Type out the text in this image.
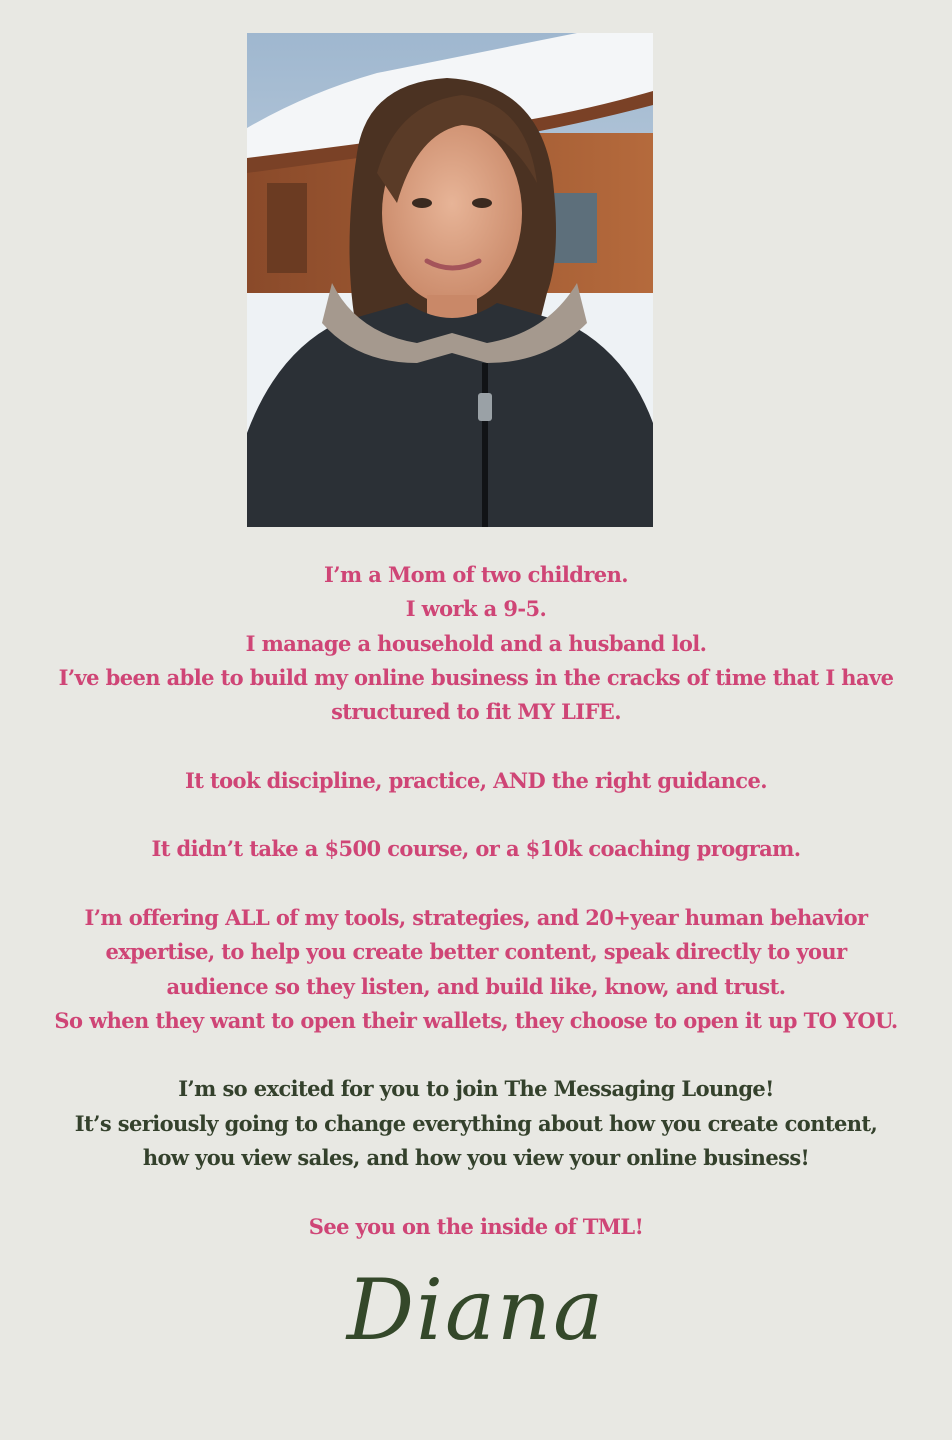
I’m a Mom of two children.
I work a 9-5.
I manage a household and a husband lol.
I’ve been able to build my online business in the cracks of time that I have
structured to fit MY LIFE.
It took discipline, practice, AND the right guidance.
It didn’t take a $500 course, or a $10k coaching program.
I’m offering ALL of my tools, strategies, and 20+year human behavior
expertise, to help you create better content, speak directly to your
audience so they listen, and build like, know, and trust.
So when they want to open their wallets, they choose to open it up TO YOU.
I’m so excited for you to join The Messaging Lounge!
It’s seriously going to change everything about how you create content,
how you view sales, and how you view your online business!
See you on the inside of TML!
Diana
